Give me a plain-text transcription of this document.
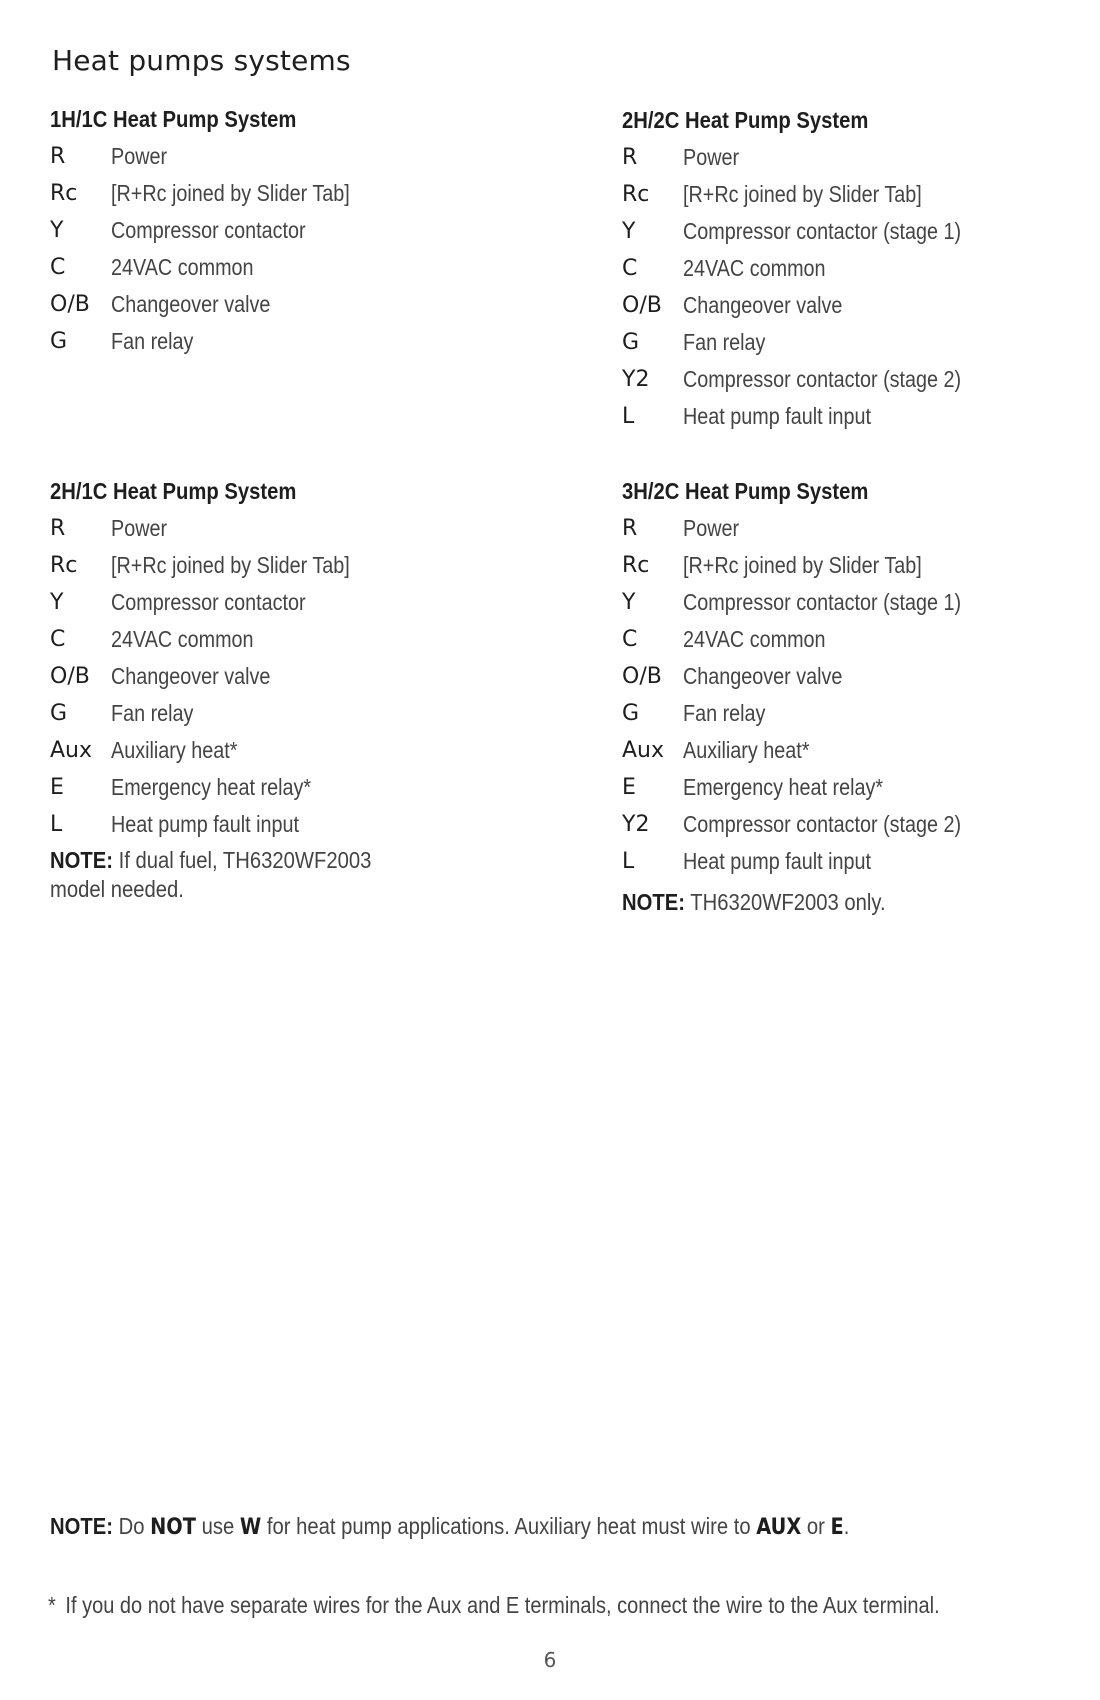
Heat pumps systems
1H/1C Heat Pump System
R	Power
Rc	[R+Rc joined by Slider Tab]
Y	Compressor contactor
C	24VAC common
O/B Changeover valve
G	Fan relay
2H/2C Heat Pump System
R	Power
Rc	[R+Rc joined by Slider Tab]
Y	Compressor contactor (stage 1)
C	24VAC common
O/B Changeover valve
G	Fan relay
Y2	Compressor contactor (stage 2)
L	Heat pump fault input
2H/1C Heat Pump System
R	Power
Rc	[R+Rc joined by Slider Tab]
Y	Compressor contactor
C	24VAC common
O/B Changeover valve
G	Fan relay
Aux Auxiliary heat*
E	Emergency heat relay*
L	Heat pump fault input
NOTE: If dual fuel, TH6320WF2003
model needed.
3H/2C Heat Pump System
R	Power
Rc	[R+Rc joined by Slider Tab]
Y	Compressor contactor (stage 1)
C	24VAC common
O/B Changeover valve
G	Fan relay
Aux Auxiliary heat*
E	Emergency heat relay*
Y2	Compressor contactor (stage 2)
L	Heat pump fault input
NOTE: TH6320WF2003 only.
NOTE: Do NOT use W for heat pump applications. Auxiliary heat must wire to AUX or E.
* If you do not have separate wires for the Aux and E terminals, connect the wire to the Aux terminal.
6
